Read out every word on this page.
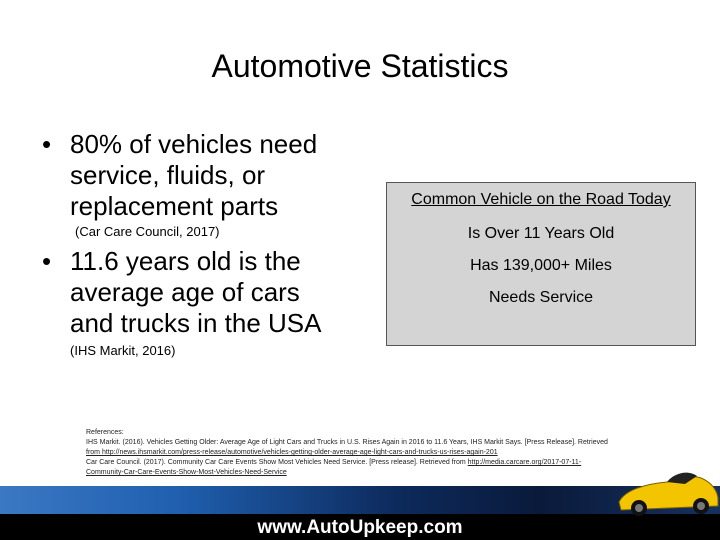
Automotive Statistics
• 80% of vehicles need service, fluids, or replacement parts
(Car Care Council, 2017)
• 11.6 years old is the average age of cars and trucks in the USA
(IHS Markit, 2016)
Common Vehicle on the Road Today
Is Over 11 Years Old
Has 139,000+ Miles
Needs Service
References:
IHS Markit. (2016). Vehicles Getting Older: Average Age of Light Cars and Trucks in U.S. Rises Again in 2016 to 11.6 Years, IHS Markit Says. [Press Release]. Retrieved
from http://news.ihsmarkit.com/press-release/automotive/vehicles-getting-older-average-age-light-cars-and-trucks-us-rises-again-201
Car Care Council. (2017). Community Car Care Events Show Most Vehicles Need Service. [Press release]. Retrieved from http://media.carcare.org/2017-07-11-
Community-Car-Care-Events-Show-Most-Vehicles-Need-Service
www.AutoUpkeep.com
